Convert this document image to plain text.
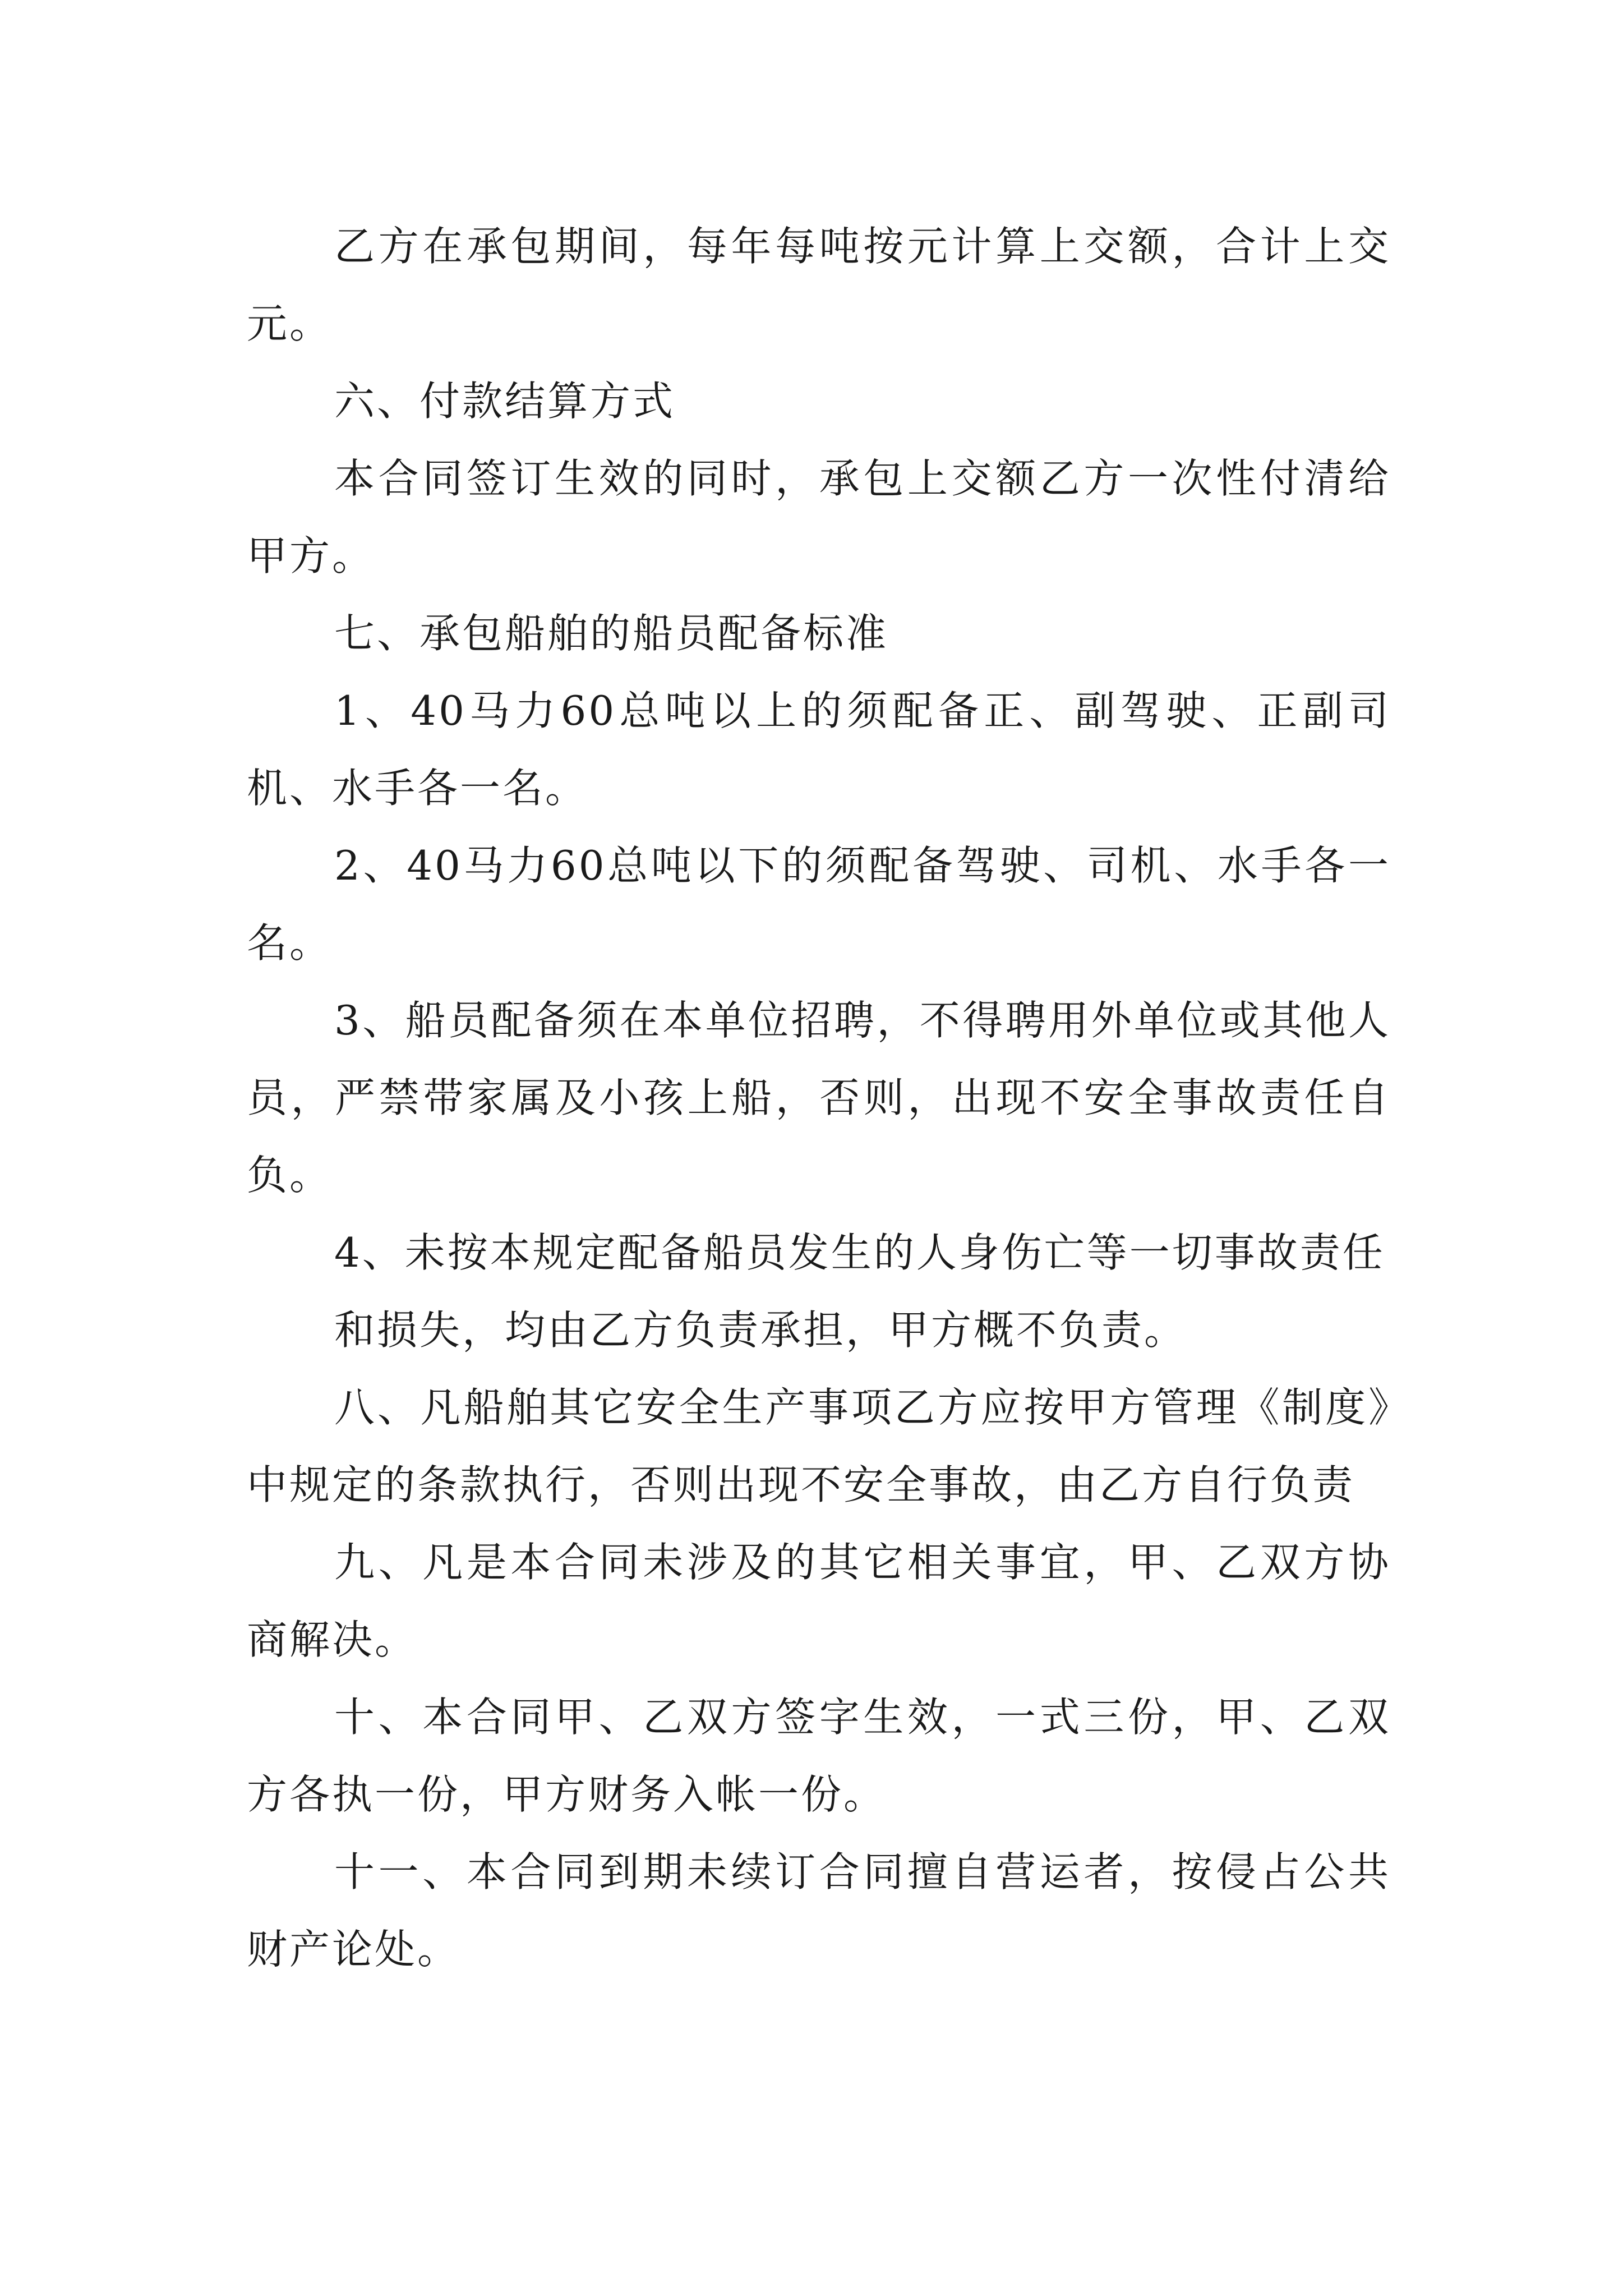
乙方在承包期间，每年每吨按元计算上交额，合计上交元。

六、付款结算方式

本合同签订生效的同时，承包上交额乙方一次性付清给甲方。

七、承包船舶的船员配备标准

1、40马力60总吨以上的须配备正、副驾驶、正副司机、水手各一名。

2、40马力60总吨以下的须配备驾驶、司机、水手各一名。

3、船员配备须在本单位招聘，不得聘用外单位或其他人员，严禁带家属及小孩上船，否则，出现不安全事故责任自负。

4、未按本规定配备船员发生的人身伤亡等一切事故责任

和损失，均由乙方负责承担，甲方概不负责。

八、凡船舶其它安全生产事项乙方应按甲方管理《制度》中规定的条款执行，否则出现不安全事故，由乙方自行负责

九、凡是本合同未涉及的其它相关事宜，甲、乙双方协商解决。

十、本合同甲、乙双方签字生效，一式三份，甲、乙双方各执一份，甲方财务入帐一份。

十一、本合同到期未续订合同擅自营运者，按侵占公共财产论处。
